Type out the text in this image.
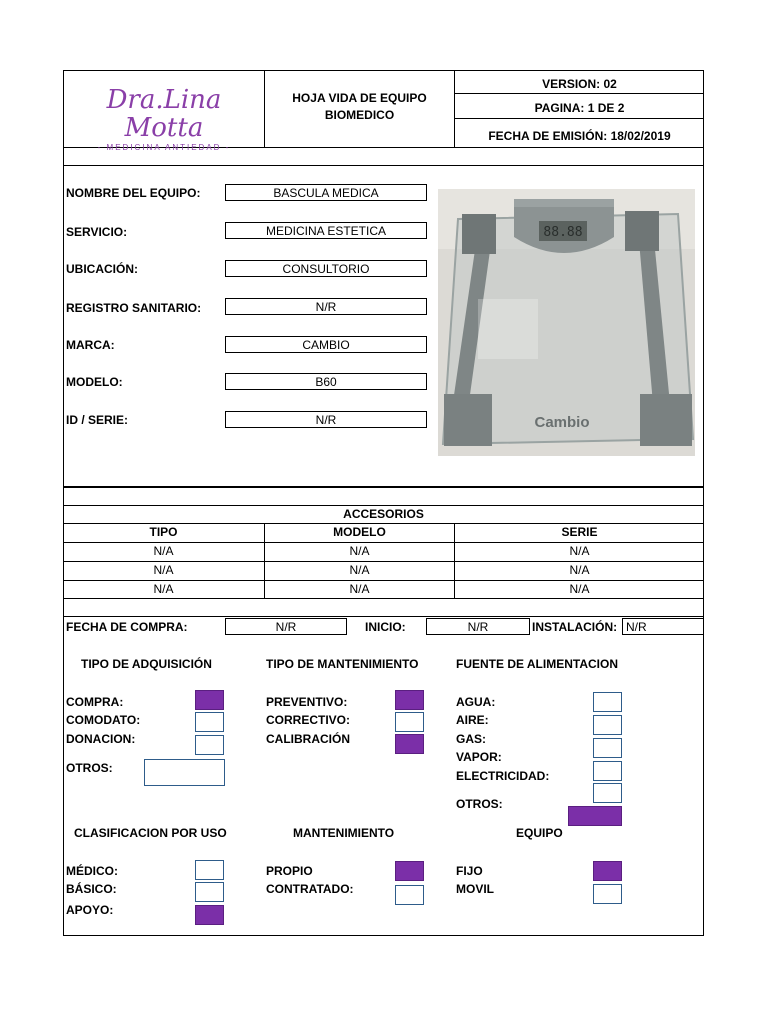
Dra.Lina Motta
- MEDICINA ANTIEDAD -
HOJA VIDA DE EQUIPO
BIOMEDICO
VERSION: 02
PAGINA: 1 DE 2
FECHA DE EMISIÓN: 18/02/2019
NOMBRE DEL EQUIPO:	BASCULA MEDICA
SERVICIO:	MEDICINA ESTETICA
UBICACIÓN:	CONSULTORIO
REGISTRO SANITARIO:	N/R
MARCA:	CAMBIO
MODELO:	B60
ID / SERIE:	N/R
88.88
Cambio
ACCESORIOS
TIPO	MODELO	SERIE
N/A	N/A	N/A
N/A	N/A	N/A
N/A	N/A	N/A
FECHA DE COMPRA:	N/R	INICIO:	N/R	INSTALACIÓN: N/R
TIPO DE ADQUISICIÓN	TIPO DE MANTENIMIENTO	FUENTE DE ALIMENTACION
COMPRA:
COMODATO:
DONACION:
OTROS:
PREVENTIVO:
CORRECTIVO:
CALIBRACIÓN
AGUA:
AIRE:
GAS:
VAPOR:
ELECTRICIDAD:
OTROS:
CLASIFICACION POR USO	MANTENIMIENTO	EQUIPO
MÉDICO:
BÁSICO:
APOYO:
PROPIO
CONTRATADO:
FIJO
MOVIL
